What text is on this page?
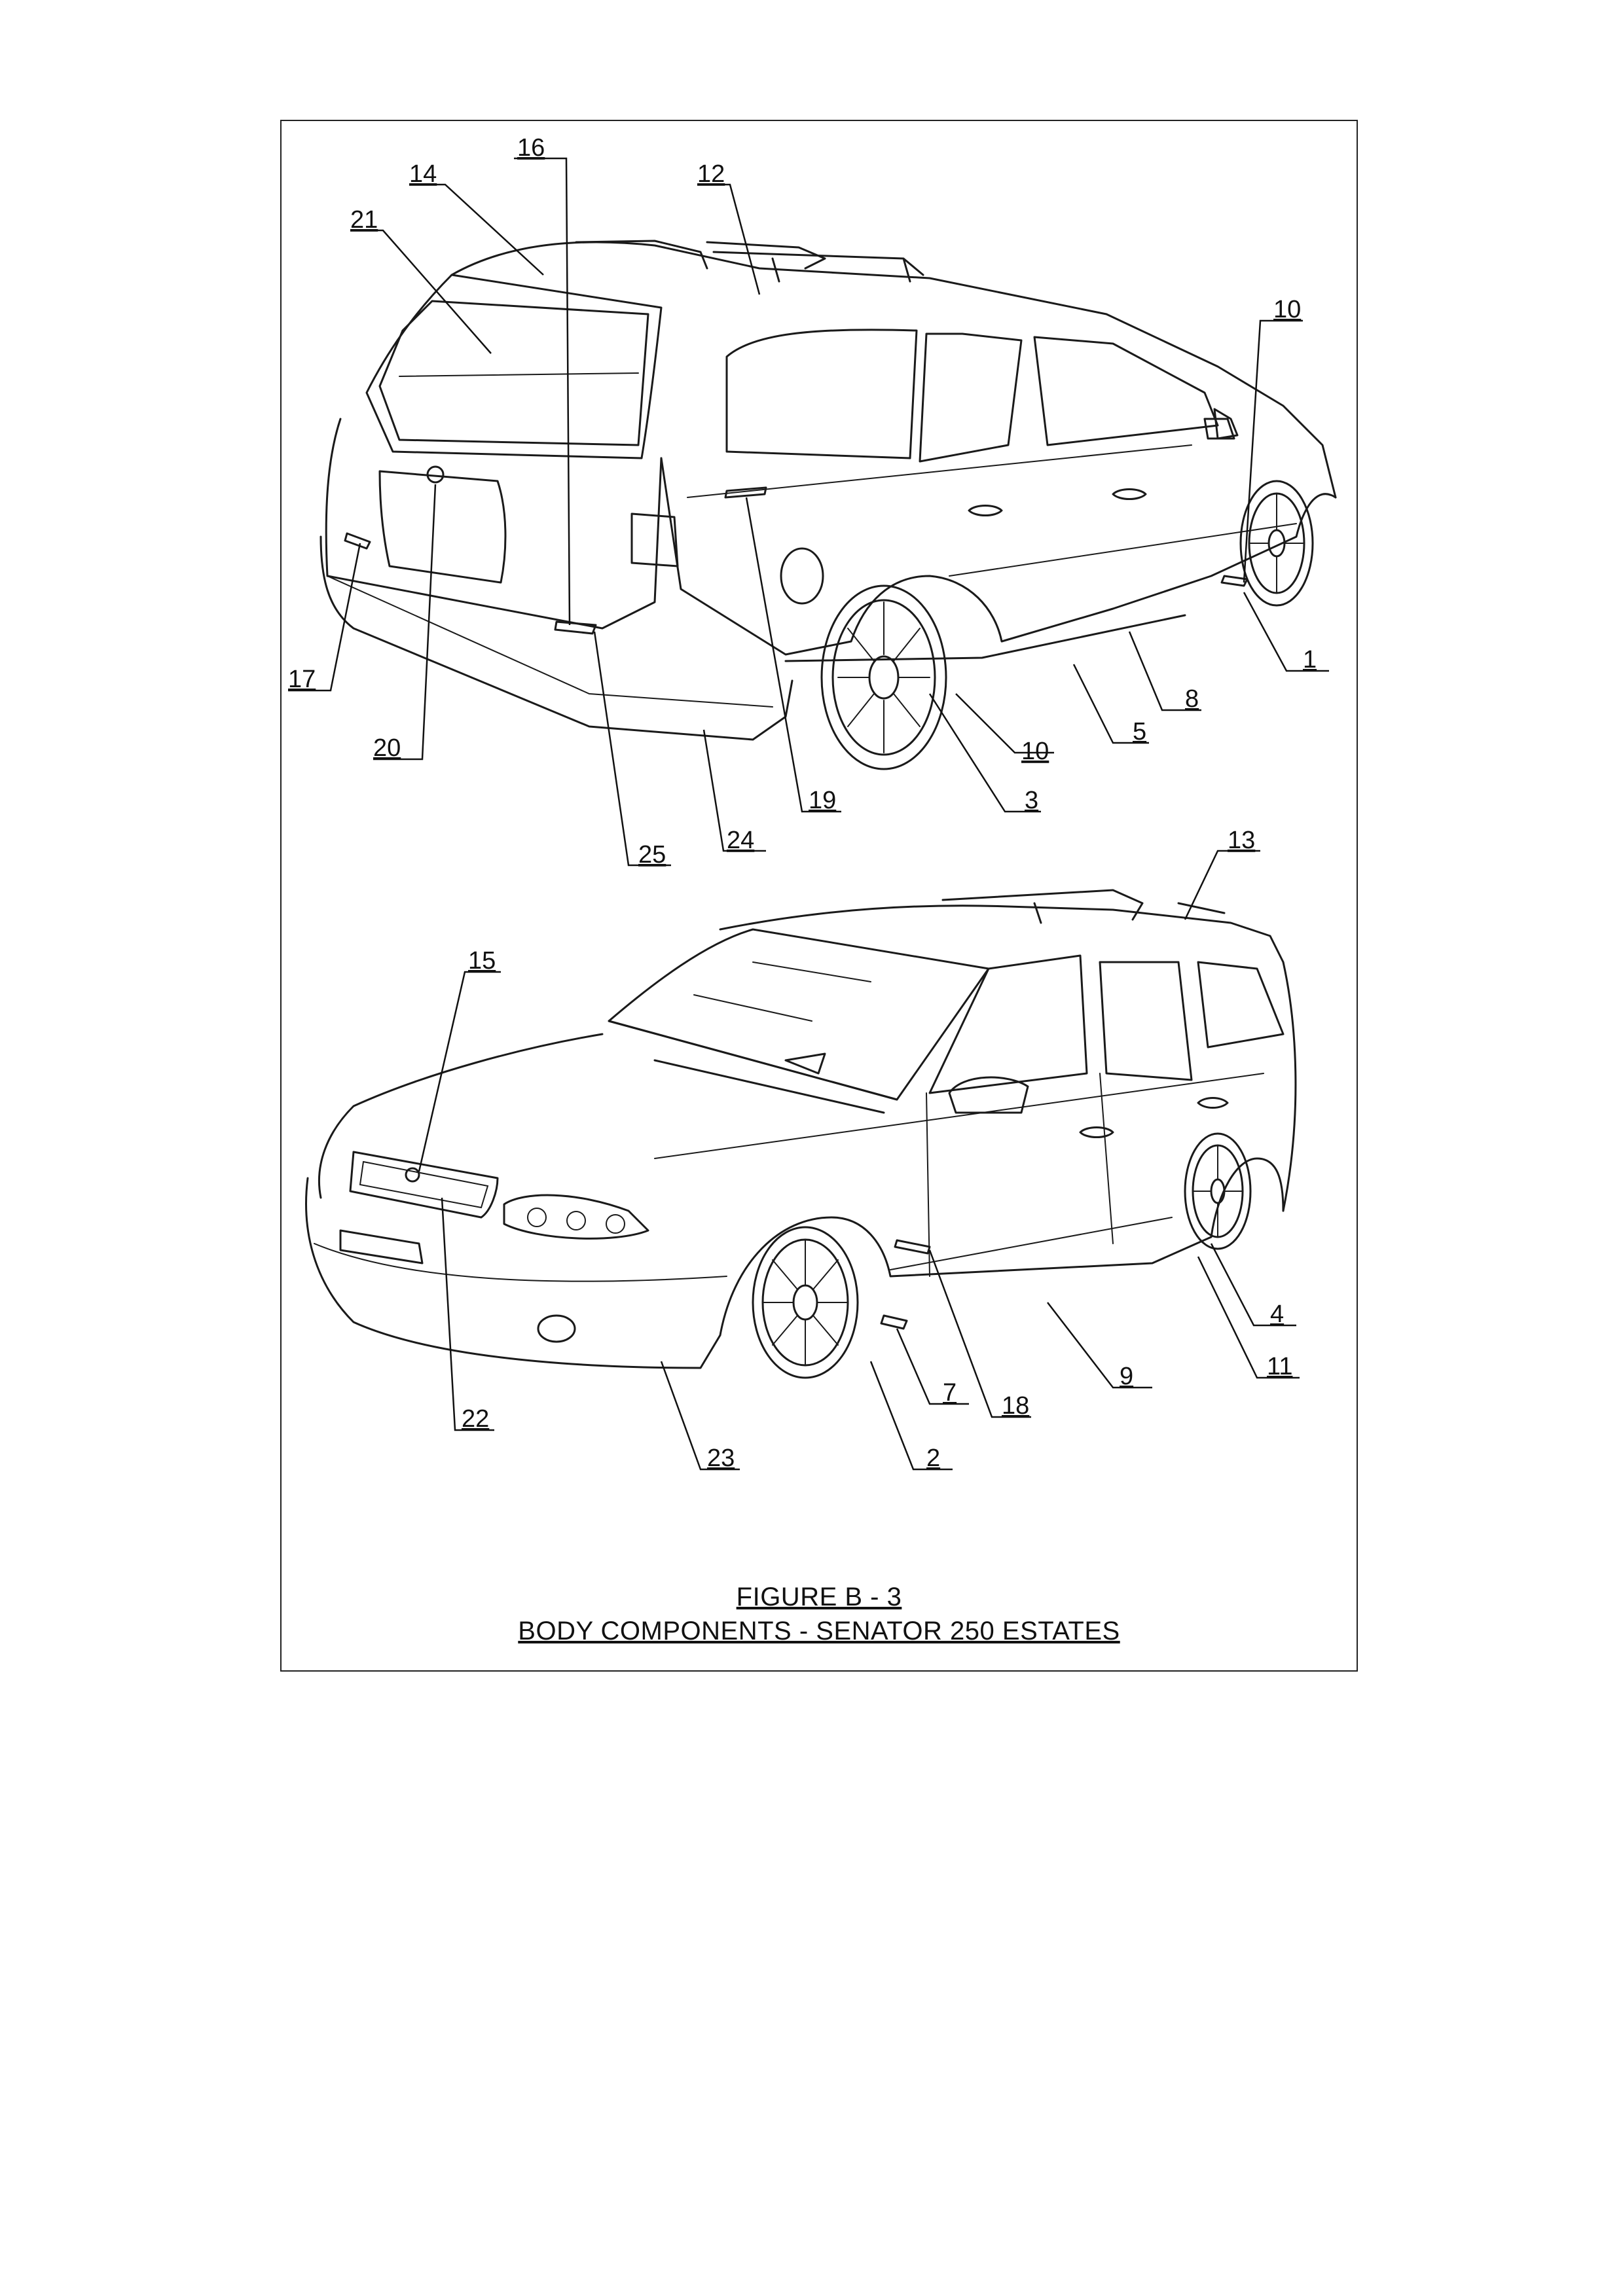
16
14	12
21
10
17
1
8
5
20	10
3
19
25
24	13
15
4
11
9
7 18
22
23	2
FIGURE B - 3
BODY COMPONENTS - SENATOR 250 ESTATES
